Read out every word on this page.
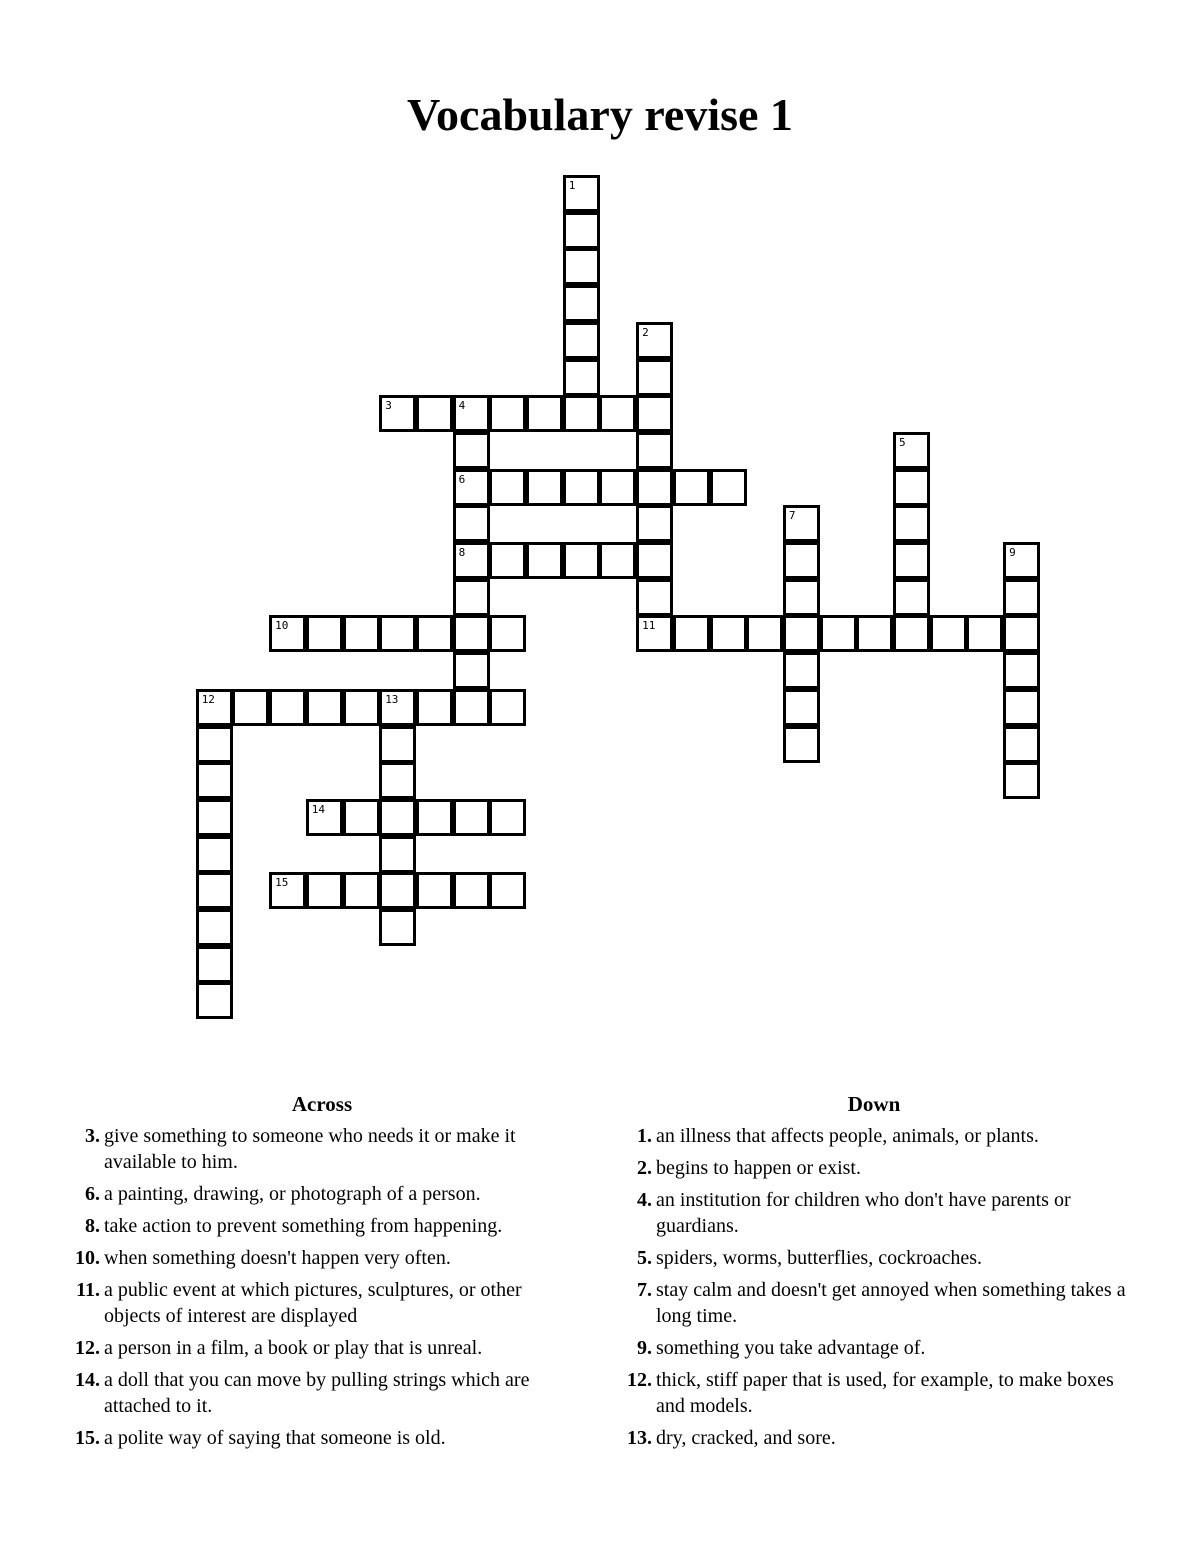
Vocabulary revise 1
1
2
11
3	4
6
8
5
7
9
10
12	13
14
15
Across
3. give something to someone who needs it or make it available to him.
6. a painting, drawing, or photograph of a person.
8. take action to prevent something from happening.
10. when something doesn't happen very often.
11. a public event at which pictures, sculptures, or other objects of interest are displayed
12. a person in a film, a book or play that is unreal.
14. a doll that you can move by pulling strings which are attached to it.
15. a polite way of saying that someone is old.
Down
1. an illness that affects people, animals, or plants.
2. begins to happen or exist.
4. an institution for children who don't have parents or guardians.
5. spiders, worms, butterflies, cockroaches.
7. stay calm and doesn't get annoyed when something takes a long time.
9. something you take advantage of.
12. thick, stiff paper that is used, for example, to make boxes and models.
13. dry, cracked, and sore.
